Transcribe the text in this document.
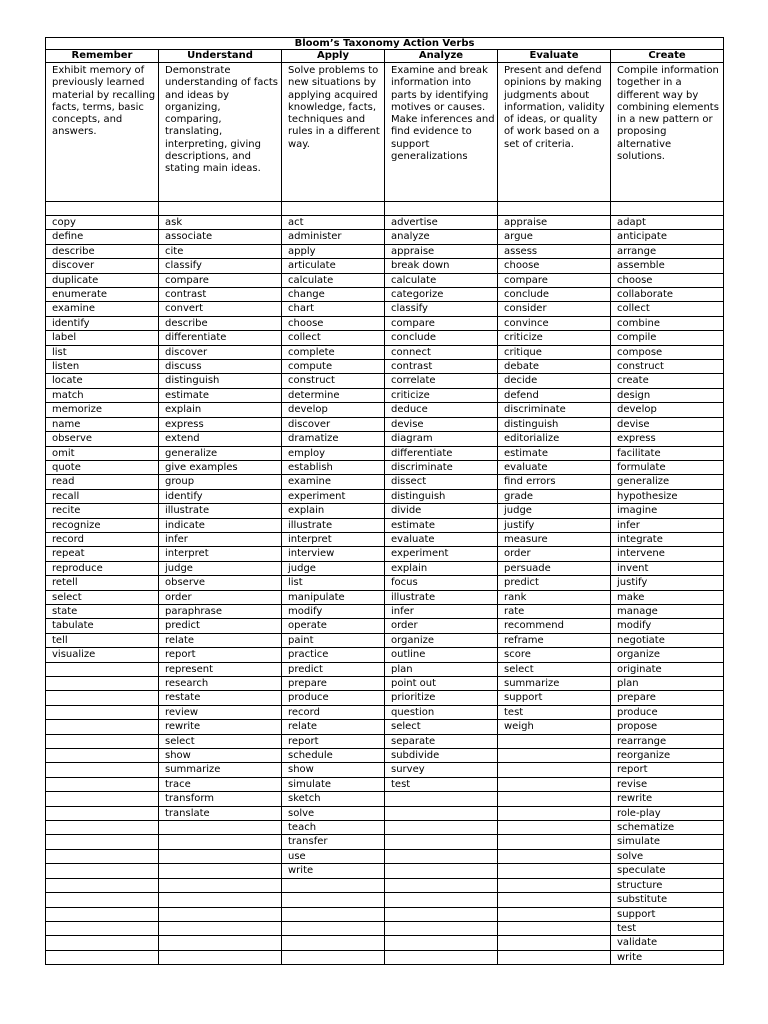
Bloom’s Taxonomy Action Verbs					
Remember	Understand	Apply	Analyze	Evaluate	Create
Exhibit memory of previously learned material by recalling facts, terms, basic concepts, and answers.	Demonstrate understanding of facts and ideas by organizing, comparing, translating, interpreting, giving descriptions, and stating main ideas.	Solve problems to new situations by applying acquired knowledge, facts, techniques and rules in a different way.	Examine and break information into parts by identifying motives or causes. Make inferences and find evidence to support generalizations	Present and defend opinions by making judgments about information, validity of ideas, or quality of work based on a set of criteria.	Compile information together in a different way by combining elements in a new pattern or proposing alternative solutions.

copy	ask	act	advertise	appraise	adapt
define	associate	administer	analyze	argue	anticipate
describe	cite	apply	appraise	assess	arrange
discover	classify	articulate	break down	choose	assemble
duplicate	compare	calculate	calculate	compare	choose
enumerate	contrast	change	categorize	conclude	collaborate
examine	convert	chart	classify	consider	collect
identify	describe	choose	compare	convince	combine
label	differentiate	collect	conclude	criticize	compile
list	discover	complete	connect	critique	compose
listen	discuss	compute	contrast	debate	construct
locate	distinguish	construct	correlate	decide	create
match	estimate	determine	criticize	defend	design
memorize	explain	develop	deduce	discriminate	develop
name	express	discover	devise	distinguish	devise
observe	extend	dramatize	diagram	editorialize	express
omit	generalize	employ	differentiate	estimate	facilitate
quote	give examples	establish	discriminate	evaluate	formulate
read	group	examine	dissect	find errors	generalize
recall	identify	experiment	distinguish	grade	hypothesize
recite	illustrate	explain	divide	judge	imagine
recognize	indicate	illustrate	estimate	justify	infer
record	infer	interpret	evaluate	measure	integrate
repeat	interpret	interview	experiment	order	intervene
reproduce	judge	judge	explain	persuade	invent
retell	observe	list	focus	predict	justify
select	order	manipulate	illustrate	rank	make
state	paraphrase	modify	infer	rate	manage
tabulate	predict	operate	order	recommend	modify
tell	relate	paint	organize	reframe	negotiate
visualize	report	practice	outline	score	organize
	represent	predict	plan	select	originate
	research	prepare	point out	summarize	plan
	restate	produce	prioritize	support	prepare
	review	record	question	test	produce
	rewrite	relate	select	weigh	propose
	select	report	separate		rearrange
	show	schedule	subdivide		reorganize
	summarize	show	survey		report
	trace	simulate	test		revise
	transform	sketch			rewrite
	translate	solve			role-play
		teach			schematize
		transfer			simulate
		use			solve
		write			speculate
					structure
					substitute
					support
					test
					validate
					write
